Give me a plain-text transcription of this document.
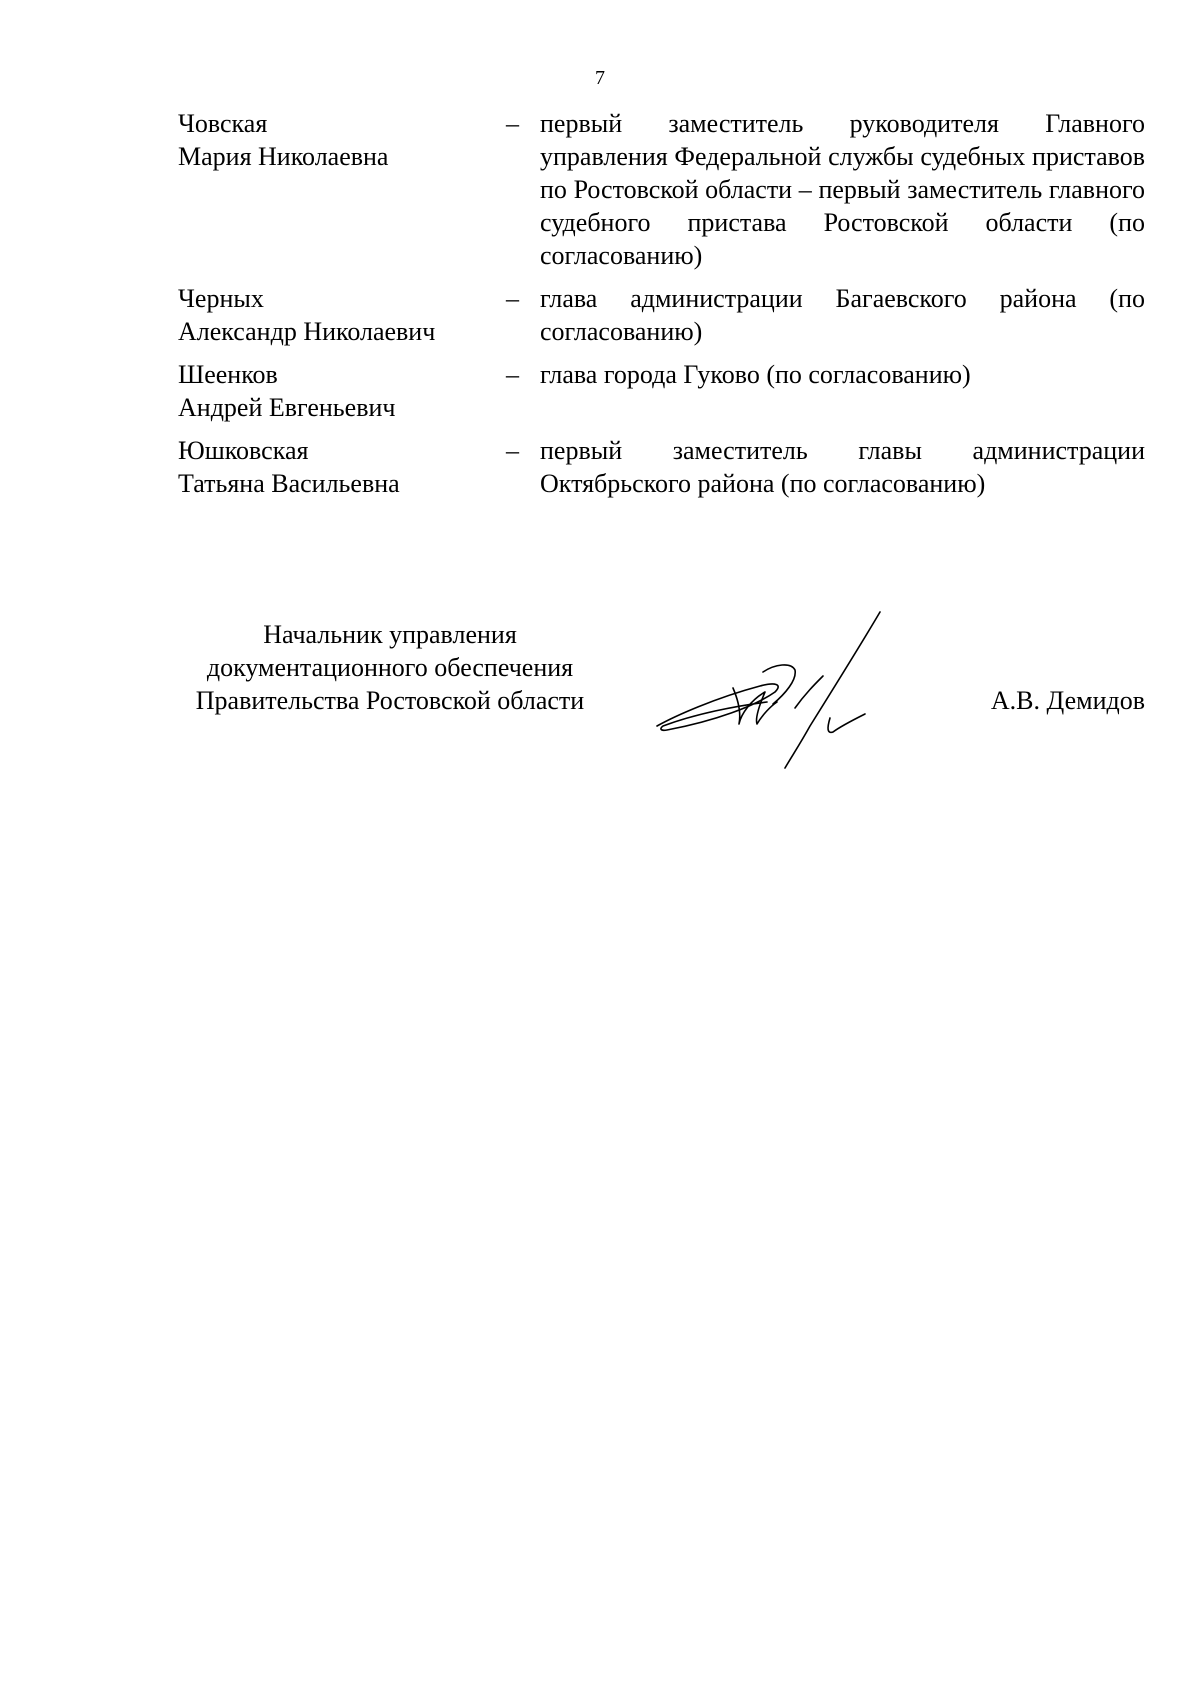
7
Човская
Мария Николаевна
– первый заместитель руководителя Главного управления Федеральной службы судебных приставов по Ростовской области – первый заместитель главного судебного пристава Ростовской области (по согласованию)
Черных
Александр Николаевич
– глава администрации Багаевского района (по согласованию)
Шеенков
Андрей Евгеньевич
– глава города Гуково (по согласованию)
Юшковская
Татьяна Васильевна
– первый заместитель главы администрации Октябрьского района (по согласованию)
Начальник управления
документационного обеспечения
Правительства Ростовской области	А.В. Демидов
